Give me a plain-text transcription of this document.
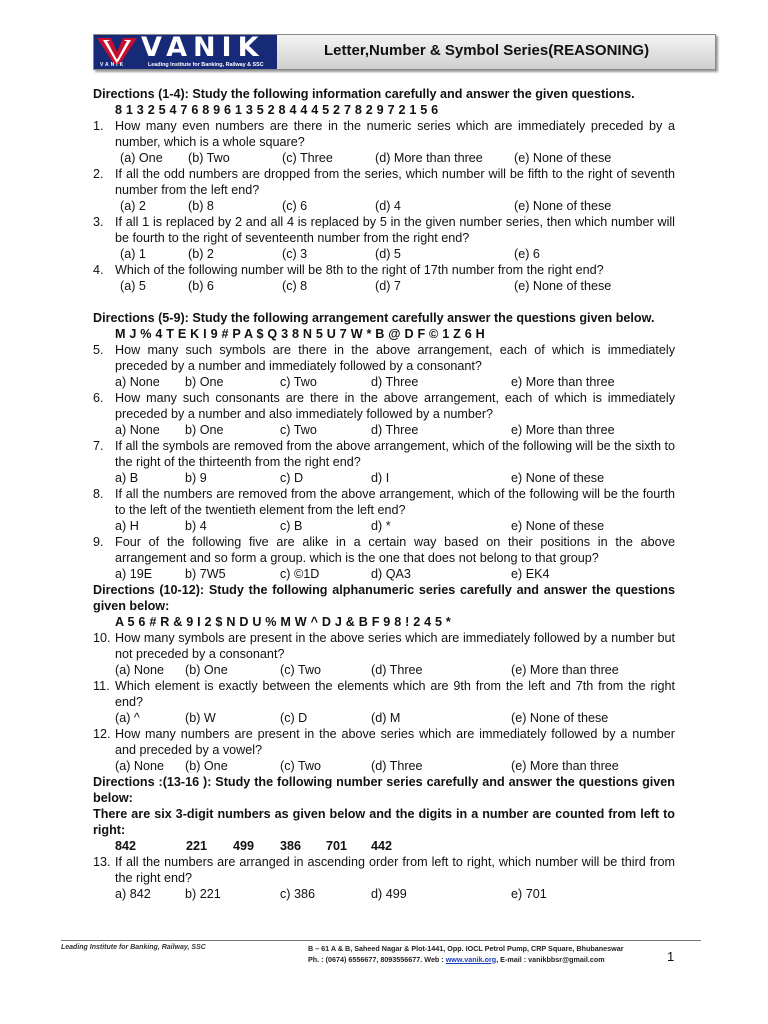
VANIK
VANIK	Leading Institute for Banking, Railway & SSC
Letter,Number & Symbol Series(REASONING)
Directions (1-4): Study the following information carefully and answer the given questions.
8 1 3 2 5 4 7 6 8 9 6 1 3 5 2 8 4 4 4 5 2 7 8 2 9 7 2 1 5 6
1. How many even numbers are there in the numeric series which are immediately preceded by a number, which is a whole square?
(a) One (b) Two	(c) Three	(d) More than three (e) None of these
2. If all the odd numbers are dropped from the series, which number will be fifth to the right of seventh number from the left end?
(a) 2	(b) 8	(c) 6	(d) 4	(e) None of these
3. If all 1 is replaced by 2 and all 4 is replaced by 5 in the given number series, then which number will be fourth to the right of seventeenth number from the right end?
(a) 1	(b) 2	(c) 3	(d) 5	(e) 6
4. Which of the following number will be 8th to the right of 17th number from the right end?
(a) 5	(b) 6	(c) 8	(d) 7	(e) None of these
Directions (5-9): Study the following arrangement carefully answer the questions given below.
M J % 4 T E K I 9 # P A $ Q 3 8 N 5 U 7 W * B @ D F © 1 Z 6 H
5. How many such symbols are there in the above arrangement, each of which is immediately preceded by a number and immediately followed by a consonant?
a) None b) One	c) Two	d) Three	e) More than three
6. How many such consonants are there in the above arrangement, each of which is immediately preceded by a number and also immediately followed by a number?
a) None b) One	c) Two	d) Three	e) More than three
7. If all the symbols are removed from the above arrangement, which of the following will be the sixth to the right of the thirteenth from the right end?
a) B	b) 9	c) D	d) I	e) None of these
8. If all the numbers are removed from the above arrangement, which of the following will be the fourth to the left of the twentieth element from the left end?
a) H	b) 4	c) B	d) *	e) None of these
9. Four of the following five are alike in a certain way based on their positions in the above arrangement and so form a group. which is the one that does not belong to that group?
a) 19E	b) 7W5	c) ©1D	d) QA3	e) EK4
Directions (10-12): Study the following alphanumeric series carefully and answer the questions given below:
A 5 6 # R & 9 I 2 $ N D U % M W ^ D J & B F 9 8 ! 2 4 5 *
10. How many symbols are present in the above series which are immediately followed by a number but not preceded by a consonant?
(a) None (b) One	(c) Two	(d) Three	(e) More than three
11. Which element is exactly between the elements which are 9th from the left and 7th from the right end?
(a) ^	(b) W	(c) D	(d) M	(e) None of these
12. How many numbers are present in the above series which are immediately followed by a number and preceded by a vowel?
(a) None (b) One	(c) Two	(d) Three	(e) More than three
Directions :(13-16 ): Study the following number series carefully and answer the questions given below:
There are six 3-digit numbers as given below and the digits in a number are counted from left to right:
842	221 499 386 701 442
13. If all the numbers are arranged in ascending order from left to right, which number will be third from the right end?
a) 842	b) 221	c) 386	d) 499	e) 701
Leading Institute for Banking, Railway, SSC	B – 61 A & B, Saheed Nagar & Plot-1441, Opp. IOCL Petrol Pump, CRP Square, Bhubaneswar
Ph. : (0674) 6556677, 8093556677. Web : www.vanik.org, E-mail : vanikbbsr@gmail.com	1
